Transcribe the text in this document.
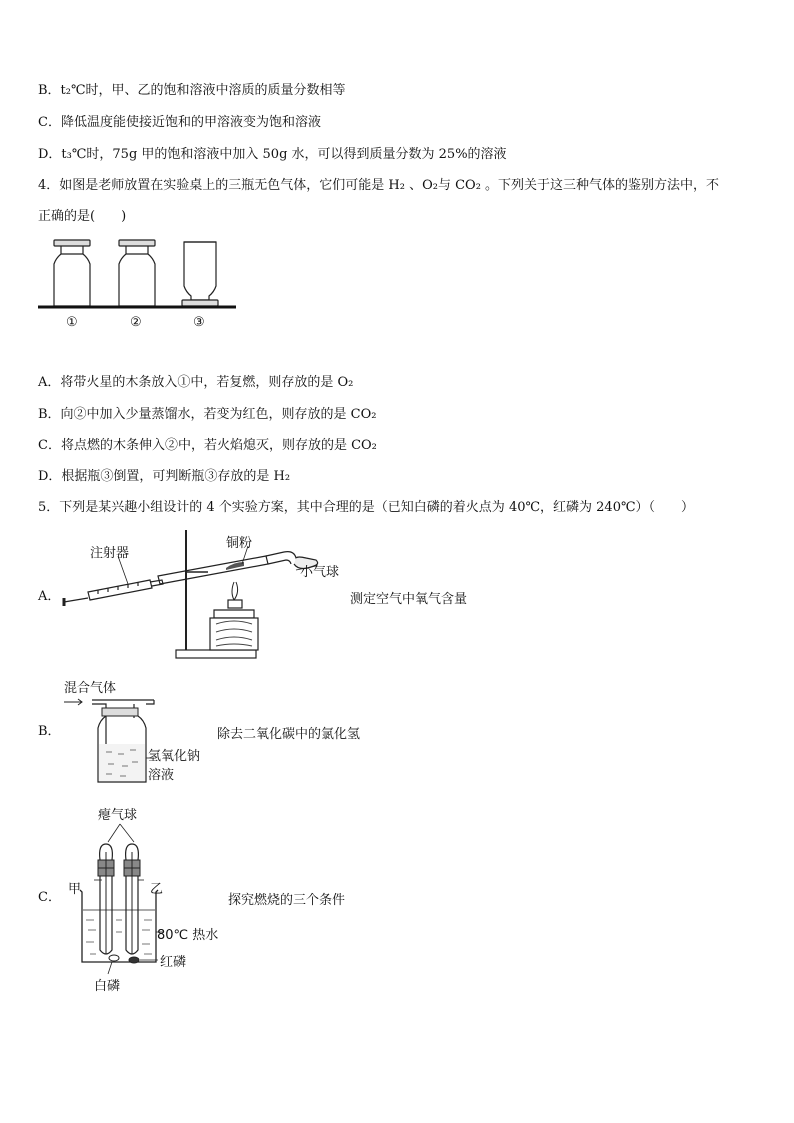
B．t₂℃时，甲、乙的饱和溶液中溶质的质量分数相等
C．降低温度能使接近饱和的甲溶液变为饱和溶液
D．t₃℃时，75g 甲的饱和溶液中加入 50g 水，可以得到质量分数为 25%的溶液
4．如图是老师放置在实验桌上的三瓶无色气体，它们可能是 H₂ 、O₂与 CO₂ 。下列关于这三种气体的鉴别方法中，不
正确的是(　　)
①	②	③
A．将带火星的木条放入①中，若复燃，则存放的是 O₂
B．向②中加入少量蒸馏水，若变为红色，则存放的是 CO₂
C．将点燃的木条伸入②中，若火焰熄灭，则存放的是 CO₂
D．根据瓶③倒置，可判断瓶③存放的是 H₂
5．下列是某兴趣小组设计的 4 个实验方案，其中合理的是（已知白磷的着火点为 40℃，红磷为 240℃）（　　）
A．	测定空气中氧气含量
注射器
铜粉
小气球
B．	除去二氧化碳中的氯化氢
混合气体
氢氧化钠
溶液
C．	探究燃烧的三个条件
瘪气球
甲	乙
80℃ 热水
红磷
白磷
